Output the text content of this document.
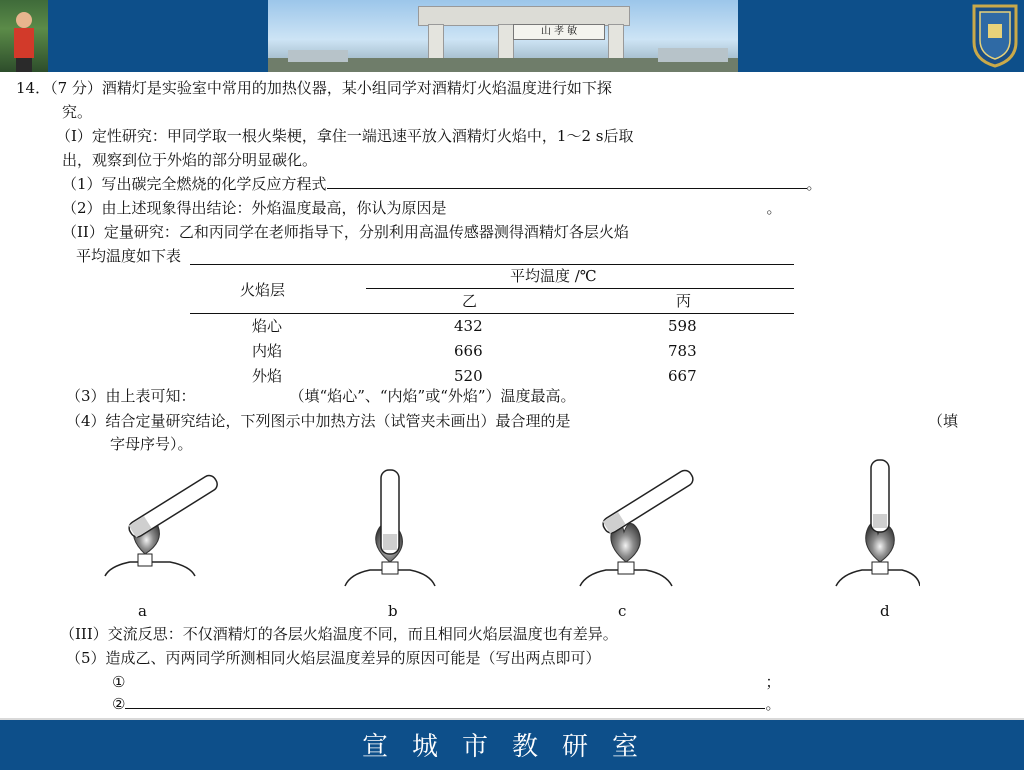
山 孝 敏
14．（7 分）酒精灯是实验室中常用的加热仪器，某小组同学对酒精灯火焰温度进行如下探
究。
（I）定性研究：甲同学取一根火柴梗，拿住一端迅速平放入酒精灯火焰中，1～2 s后取
出，观察到位于外焰的部分明显碳化。
（1）写出碳完全燃烧的化学反应方程式	。
（2）由上述现象得出结论：外焰温度最高，你认为原因是	。
（II）定量研究：乙和丙同学在老师指导下，分别利用高温传感器测得酒精灯各层火焰
平均温度如下表
火焰层
平均温度 /℃
乙	丙
焰心	432	598
内焰	666	783
外焰	520	667
（3）由上表可知：	（填“焰心”、“内焰”或“外焰”）温度最高。
（4）结合定量研究结论，下列图示中加热方法（试管夹未画出）最合理的是	（填
字母序号）。
a	b	c	d
（III）交流反思：不仅酒精灯的各层火焰温度不同，而且相同火焰层温度也有差异。
（5）造成乙、丙两同学所测相同火焰层温度差异的原因可能是（写出两点即可）
①	；
②	。
宣城市教研室
